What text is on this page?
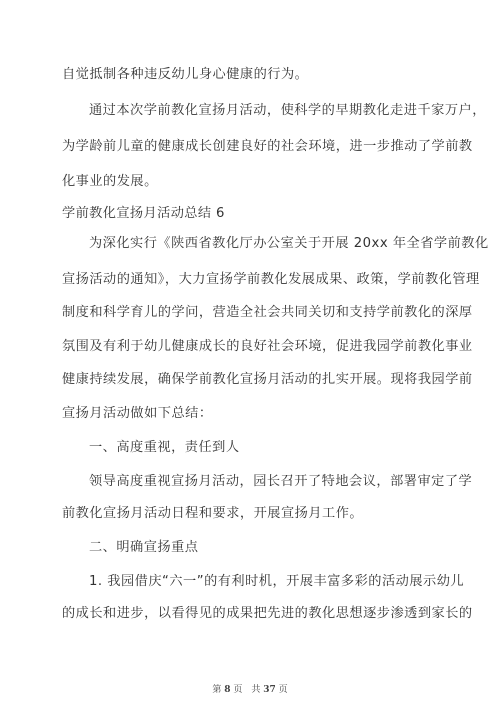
自觉抵制各种违反幼儿身心健康的行为。
通过本次学前教化宣扬月活动，使科学的早期教化走进千家万户，
为学龄前儿童的健康成长创建良好的社会环境，进一步推动了学前教
化事业的发展。
学前教化宣扬月活动总结 6
为深化实行《陕西省教化厅办公室关于开展 20xx 年全省学前教化
宣扬活动的通知》，大力宣扬学前教化发展成果、政策，学前教化管理
制度和科学育儿的学问，营造全社会共同关切和支持学前教化的深厚
氛围及有利于幼儿健康成长的良好社会环境，促进我园学前教化事业
健康持续发展，确保学前教化宣扬月活动的扎实开展。现将我园学前
宣扬月活动做如下总结：
一、高度重视，责任到人
领导高度重视宣扬月活动，园长召开了特地会议，部署审定了学
前教化宣扬月活动日程和要求，开展宣扬月工作。
二、明确宣扬重点
1. 我园借庆“六一”的有利时机，开展丰富多彩的活动展示幼儿
的成长和进步，以看得见的成果把先进的教化思想逐步渗透到家长的
第 8 页　共 37 页
